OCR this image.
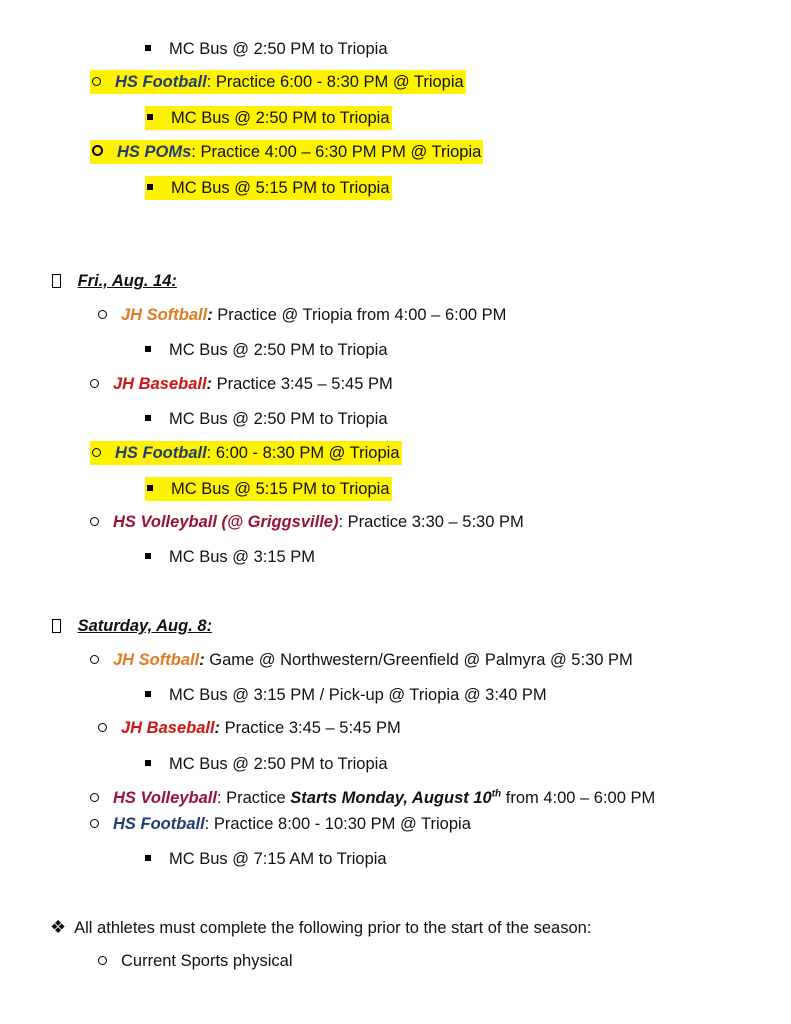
MC Bus @ 2:50 PM to Triopia
HS Football: Practice 6:00 - 8:30 PM @ Triopia
MC Bus @ 2:50 PM to Triopia
HS POMs: Practice 4:00 – 6:30 PM PM @ Triopia
MC Bus @ 5:15 PM to Triopia
Fri., Aug. 14:
JH Softball: Practice @ Triopia from 4:00 – 6:00 PM
MC Bus @ 2:50 PM to Triopia
JH Baseball: Practice 3:45 – 5:45 PM
MC Bus @ 2:50 PM to Triopia
HS Football: 6:00 - 8:30 PM @ Triopia
MC Bus @ 5:15 PM to Triopia
HS Volleyball (@ Griggsville): Practice 3:30 – 5:30 PM
MC Bus @ 3:15 PM
Saturday, Aug. 8:
JH Softball: Game @ Northwestern/Greenfield @ Palmyra @ 5:30 PM
MC Bus @ 3:15 PM / Pick-up @ Triopia @ 3:40 PM
JH Baseball: Practice 3:45 – 5:45 PM
MC Bus @ 2:50 PM to Triopia
HS Volleyball: Practice Starts Monday, August 10th from 4:00 – 6:00 PM
HS Football: Practice 8:00 - 10:30 PM @ Triopia
MC Bus @ 7:15 AM to Triopia
❖ All athletes must complete the following prior to the start of the season:
Current Sports physical
